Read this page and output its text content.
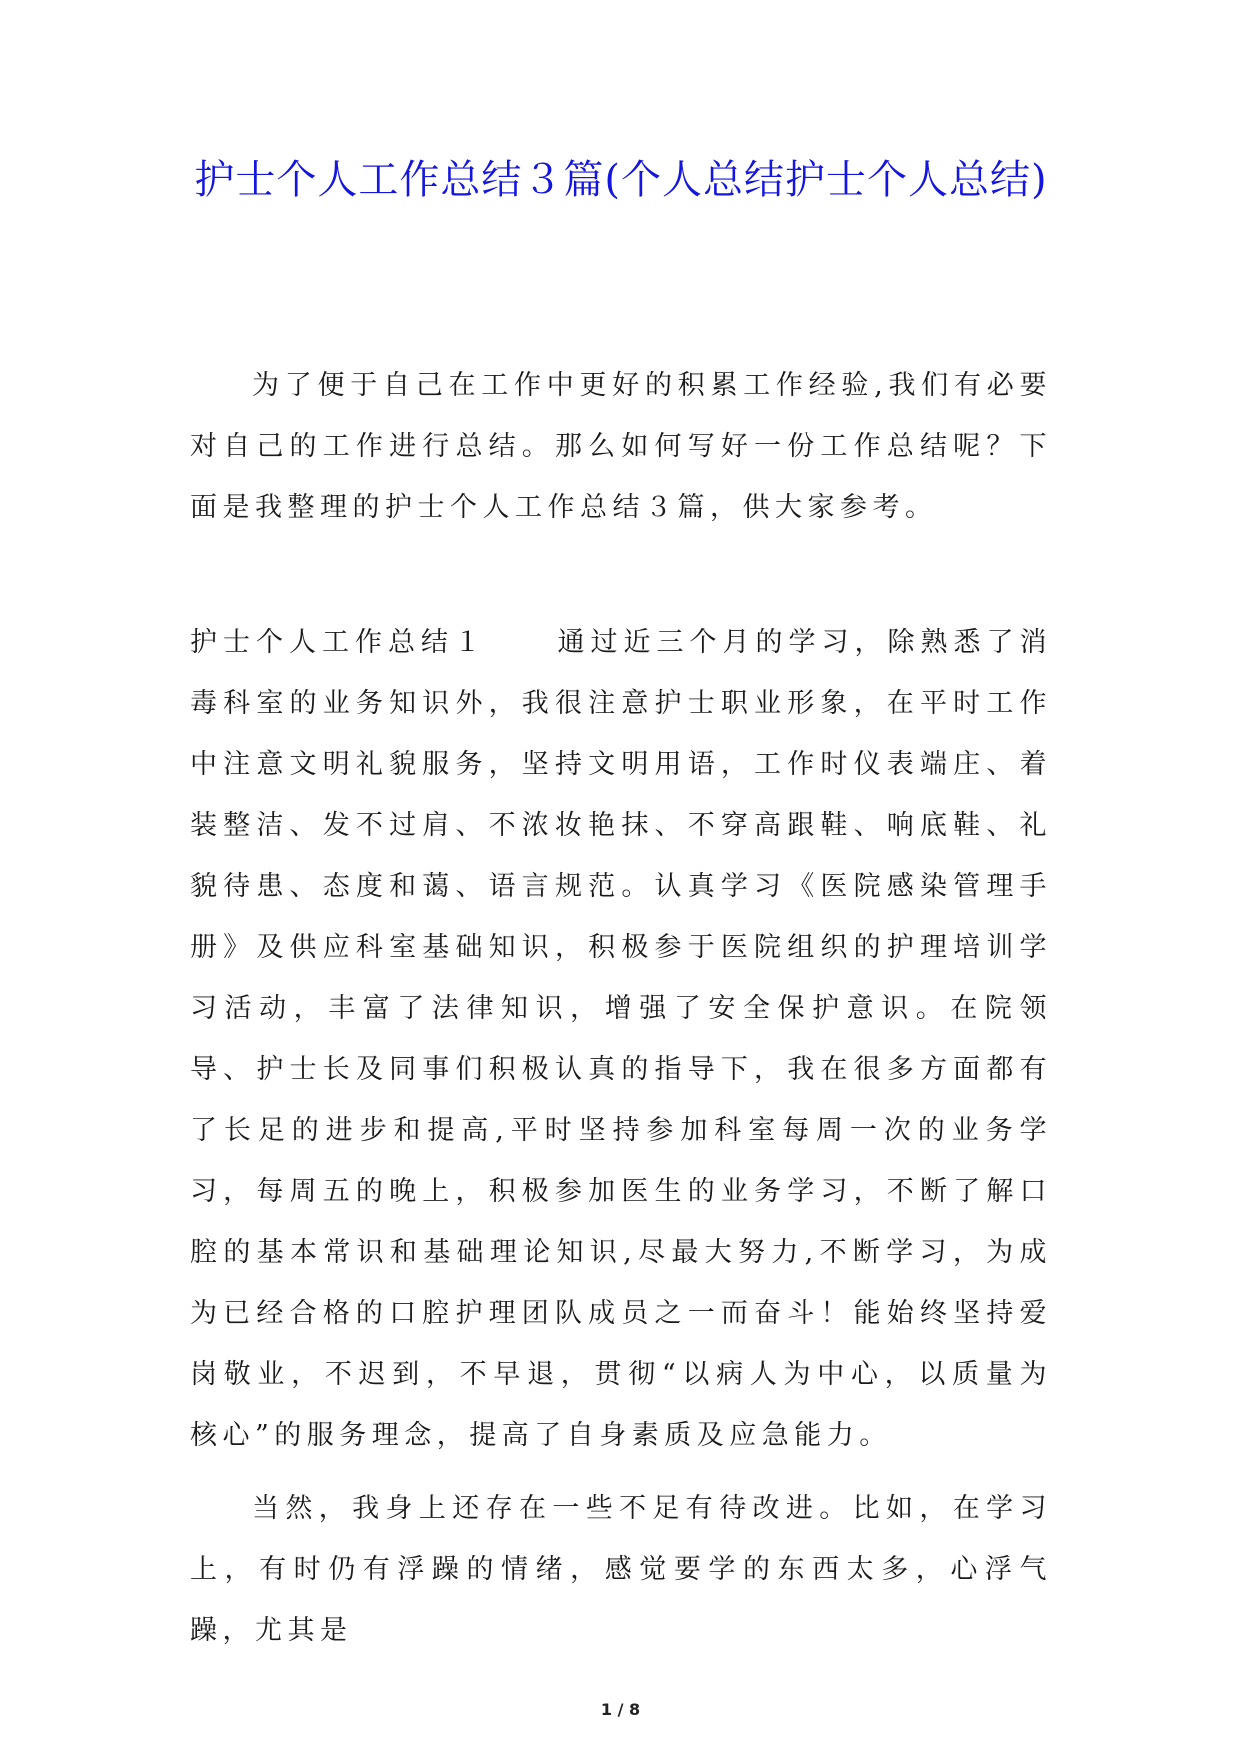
护士个人工作总结３篇(个人总结护士个人总结)

为了便于自己在工作中更好的积累工作经验,我们有必要对自己的工作进行总结。那么如何写好一份工作总结呢？下面是我整理的护士个人工作总结３篇，供大家参考。

护士个人工作总结１	通过近三个月的学习，除熟悉了消毒科室的业务知识外，我很注意护士职业形象，在平时工作中注意文明礼貌服务，坚持文明用语，工作时仪表端庄、着装整洁、发不过肩、不浓妆艳抹、不穿高跟鞋、响底鞋、礼貌待患、态度和蔼、语言规范。认真学习《医院感染管理手册》及供应科室基础知识，积极参于医院组织的护理培训学习活动，丰富了法律知识，增强了安全保护意识。在院领导、护士长及同事们积极认真的指导下，我在很多方面都有了长足的进步和提高,平时坚持参加科室每周一次的业务学习，每周五的晚上，积极参加医生的业务学习，不断了解口腔的基本常识和基础理论知识,尽最大努力,不断学习，为成为已经合格的口腔护理团队成员之一而奋斗！能始终坚持爱岗敬业，不迟到，不早退，贯彻“以病人为中心，以质量为核心”的服务理念，提高了自身素质及应急能力。

当然，我身上还存在一些不足有待改进。比如，在学习上，有时仍有浮躁的情绪，感觉要学的东西太多，心浮气躁，尤其是

1 / 8
